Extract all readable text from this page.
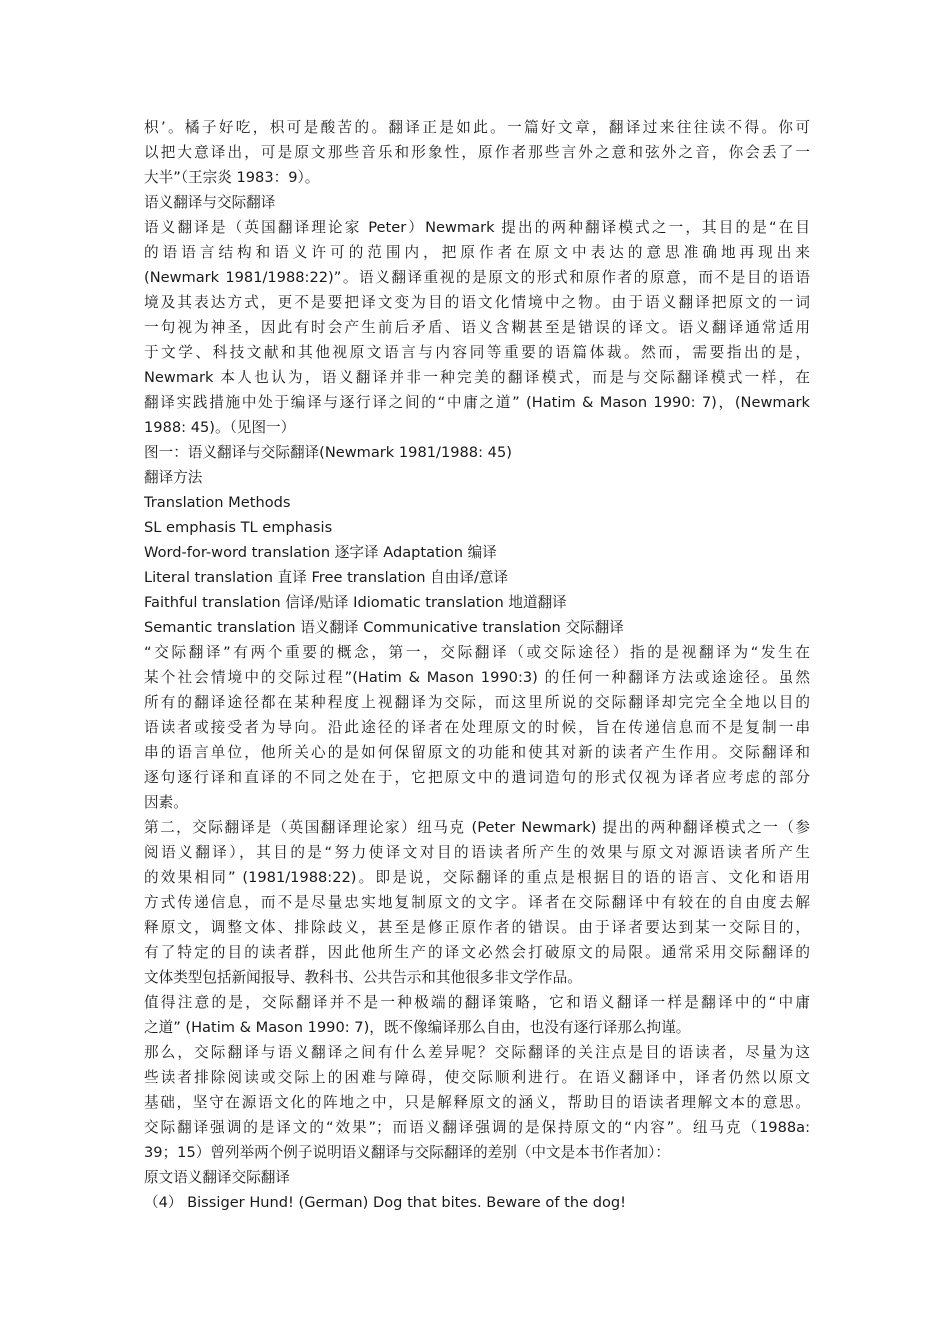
枳’。橘子好吃，枳可是酸苦的。翻译正是如此。一篇好文章，翻译过来往往读不得。你可
以把大意译出，可是原文那些音乐和形象性，原作者那些言外之意和弦外之音，你会丢了一
大半”（王宗炎 1983：9）。
语义翻译与交际翻译
语义翻译是（英国翻译理论家 Peter）Newmark 提出的两种翻译模式之一，其目的是“在目
的语语言结构和语义许可的范围内，把原作者在原文中表达的意思准确地再现出来
(Newmark 1981/1988:22)”。语义翻译重视的是原文的形式和原作者的原意，而不是目的语语
境及其表达方式，更不是要把译文变为目的语文化情境中之物。由于语义翻译把原文的一词
一句视为神圣，因此有时会产生前后矛盾、语义含糊甚至是错误的译文。语义翻译通常适用
于文学、科技文献和其他视原文语言与内容同等重要的语篇体裁。然而，需要指出的是，
Newmark 本人也认为，语义翻译并非一种完美的翻译模式，而是与交际翻译模式一样，在
翻译实践措施中处于编译与逐行译之间的“中庸之道” (Hatim & Mason 1990: 7)，(Newmark
1988: 45)。（见图一）
图一：语义翻译与交际翻译(Newmark 1981/1988: 45)
翻译方法
Translation Methods
SL emphasis TL emphasis
Word-for-word translation 逐字译 Adaptation 编译
Literal translation 直译 Free translation 自由译/意译
Faithful translation 信译/贴译 Idiomatic translation 地道翻译
Semantic translation 语义翻译 Communicative translation 交际翻译
“交际翻译”有两个重要的概念，第一，交际翻译（或交际途径）指的是视翻译为“发生在
某个社会情境中的交际过程”(Hatim & Mason 1990:3) 的任何一种翻译方法或途途径。虽然
所有的翻译途径都在某种程度上视翻译为交际，而这里所说的交际翻译却完完全全地以目的
语读者或接受者为导向。沿此途径的译者在处理原文的时候，旨在传递信息而不是复制一串
串的语言单位，他所关心的是如何保留原文的功能和使其对新的读者产生作用。交际翻译和
逐句逐行译和直译的不同之处在于，它把原文中的遣词造句的形式仅视为译者应考虑的部分
因素。
第二，交际翻译是（英国翻译理论家）纽马克 (Peter Newmark) 提出的两种翻译模式之一（参
阅语义翻译），其目的是“努力使译文对目的语读者所产生的效果与原文对源语读者所产生
的效果相同” (1981/1988:22)。即是说，交际翻译的重点是根据目的语的语言、文化和语用
方式传递信息，而不是尽量忠实地复制原文的文字。译者在交际翻译中有较在的自由度去解
释原文，调整文体、排除歧义，甚至是修正原作者的错误。由于译者要达到某一交际目的，
有了特定的目的读者群，因此他所生产的译文必然会打破原文的局限。通常采用交际翻译的
文体类型包括新闻报导、教科书、公共告示和其他很多非文学作品。
值得注意的是，交际翻译并不是一种极端的翻译策略，它和语义翻译一样是翻译中的“中庸
之道” (Hatim & Mason 1990: 7)，既不像编译那么自由，也没有逐行译那么拘谨。
那么，交际翻译与语义翻译之间有什么差异呢？交际翻译的关注点是目的语读者，尽量为这
些读者排除阅读或交际上的困难与障碍，使交际顺利进行。在语义翻译中，译者仍然以原文
基础，坚守在源语文化的阵地之中，只是解释原文的涵义，帮助目的语读者理解文本的意思。
交际翻译强调的是译文的“效果”；而语义翻译强调的是保持原文的“内容”。纽马克（1988a:
39；15）曾列举两个例子说明语义翻译与交际翻译的差别（中文是本书作者加）：
原文语义翻译交际翻译
（4） Bissiger Hund! (German) Dog that bites. Beware of the dog!
